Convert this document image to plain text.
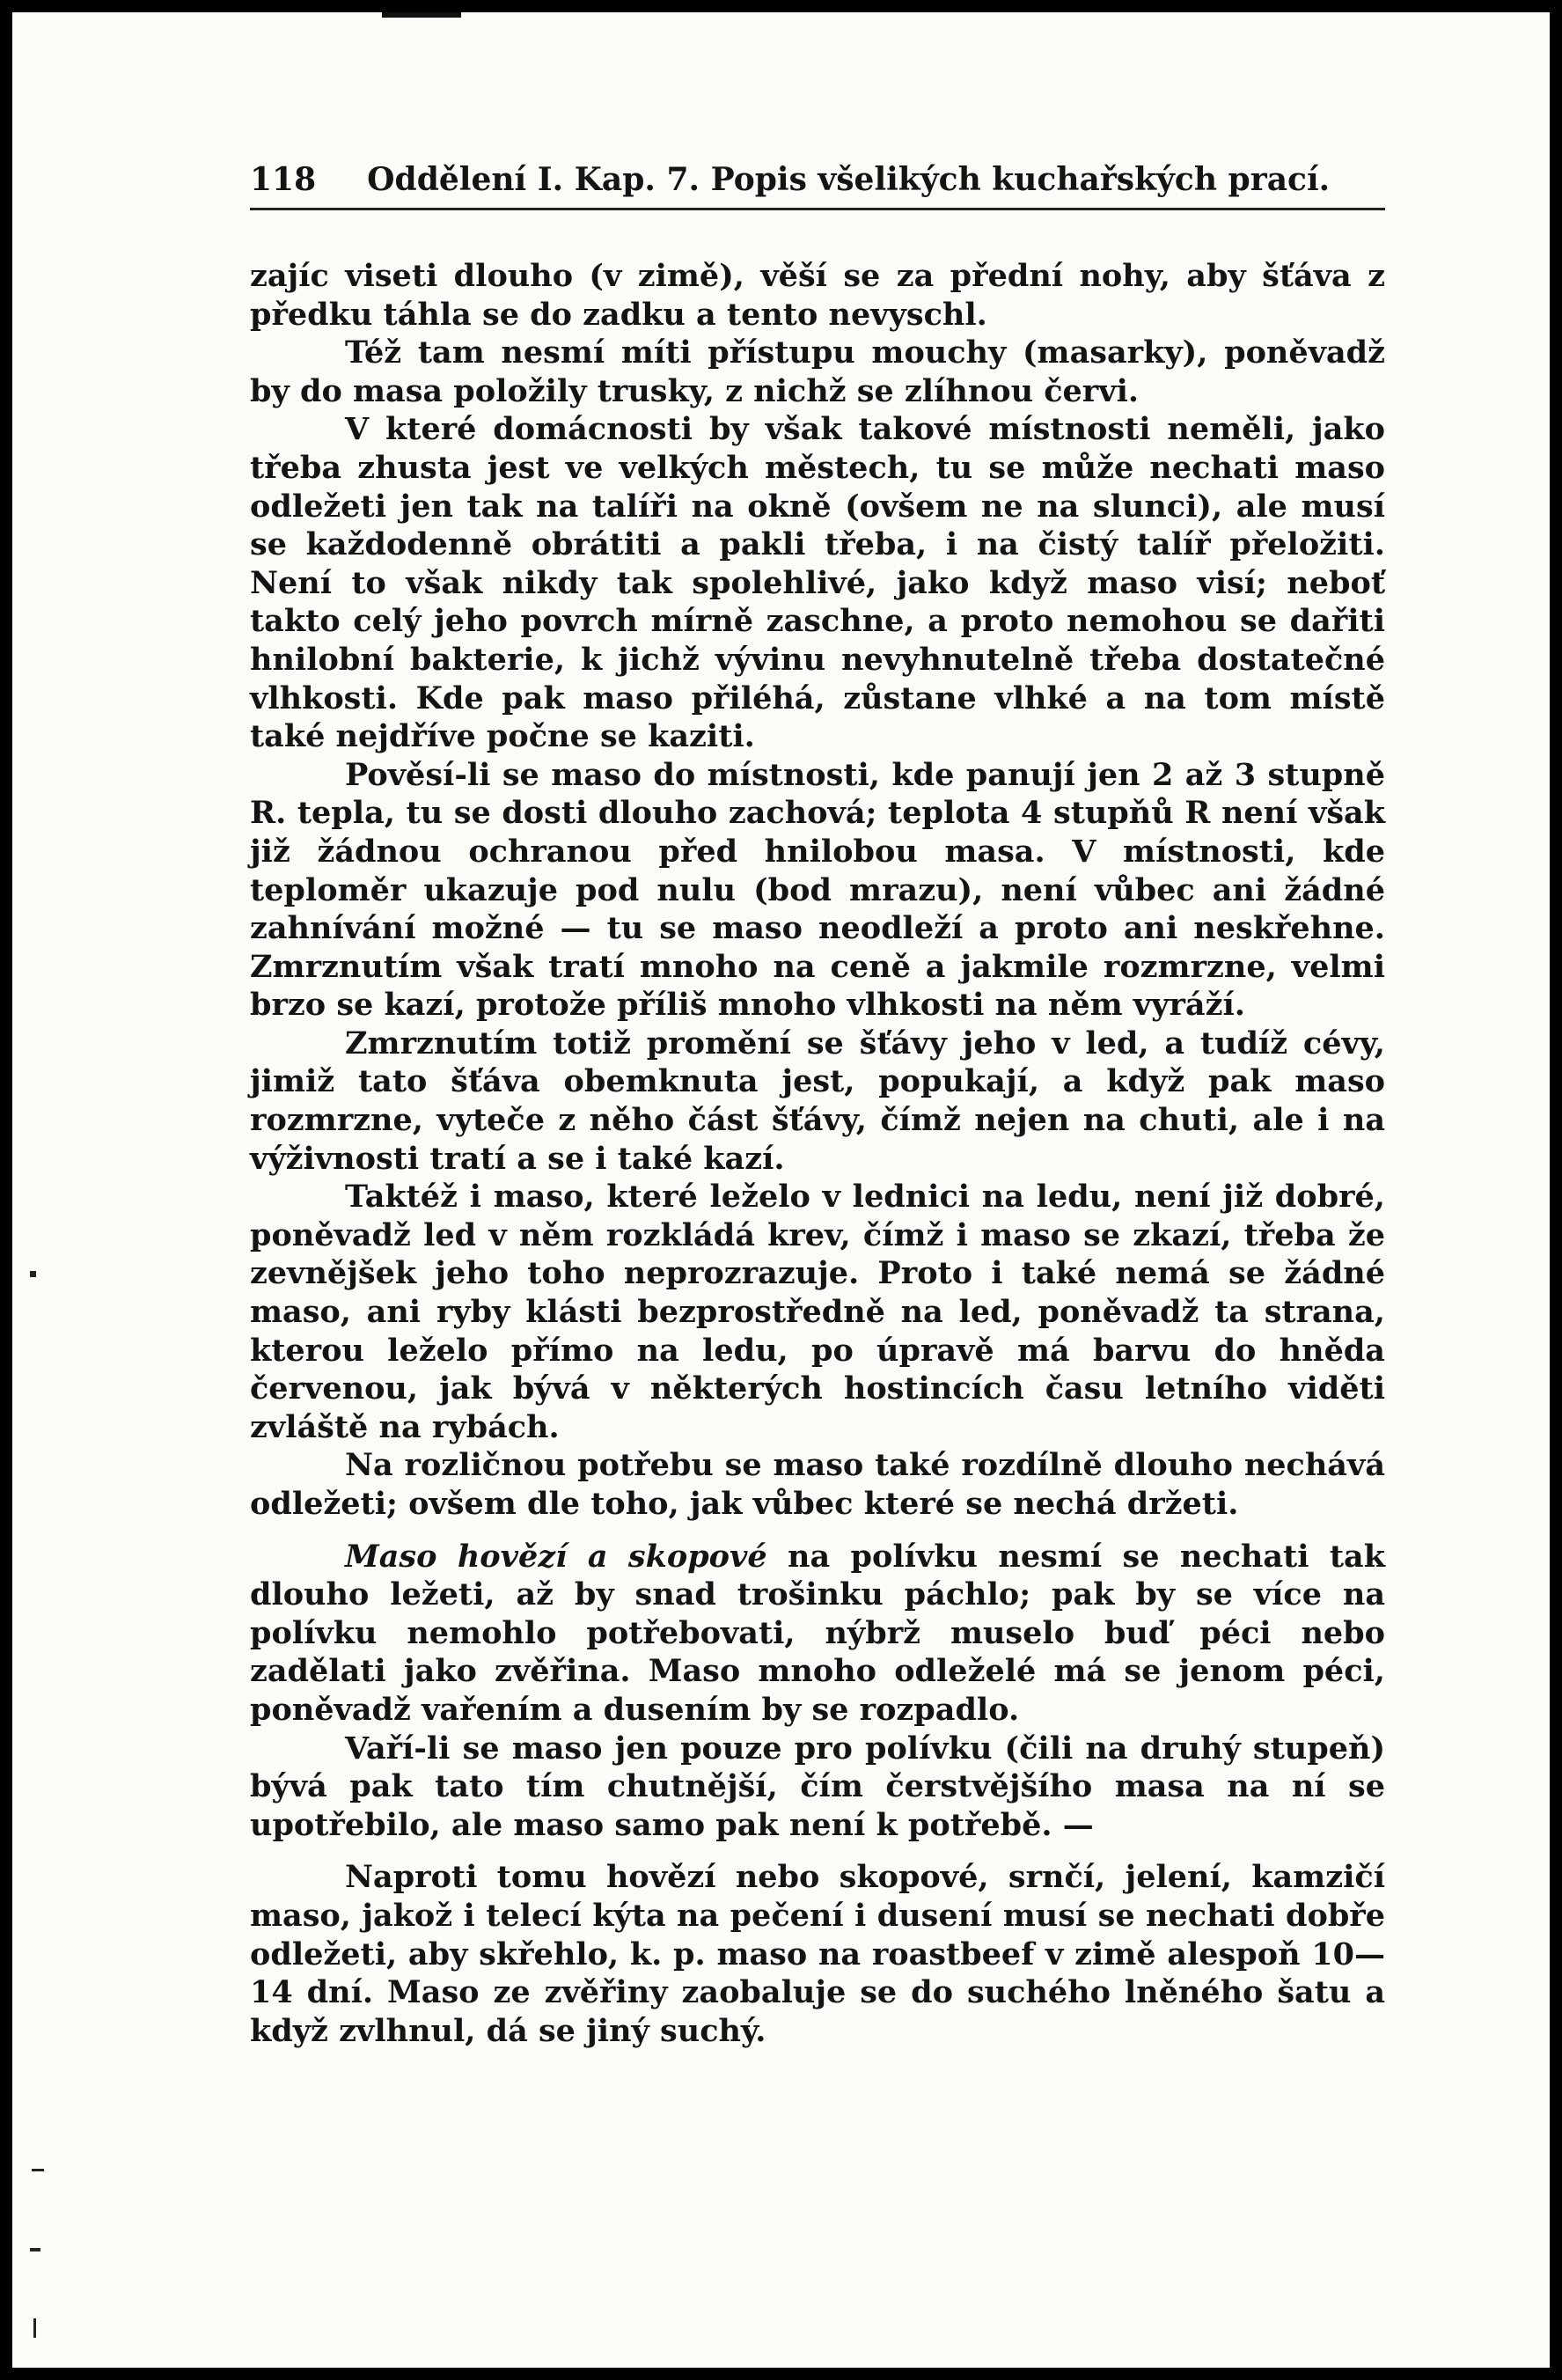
118 Oddělení I. Kap. 7. Popis všelikých kuchařských prací.

zajíc viseti dlouho (v zimě), věší se za přední nohy, aby šťáva z předku táhla se do zadku a tento nevyschl.

Též tam nesmí míti přístupu mouchy (masarky), poněvadž by do masa položily trusky, z nichž se zlíhnou červi.

V které domácnosti by však takové místnosti neměli, jako třeba zhusta jest ve velkých městech, tu se může nechati maso odležeti jen tak na talíři na okně (ovšem ne na slunci), ale musí se každodenně obrátiti a pakli třeba, i na čistý talíř přeložiti. Není to však nikdy tak spolehlivé, jako když maso visí; neboť takto celý jeho povrch mírně zaschne, a proto nemohou se dařiti hnilobní bakterie, k jichž vývinu nevyhnutelně třeba dostatečné vlhkosti. Kde pak maso přiléhá, zůstane vlhké a na tom místě také nejdříve počne se kaziti.

Pověsí-li se maso do místnosti, kde panují jen 2 až 3 stupně R. tepla, tu se dosti dlouho zachová; teplota 4 stupňů R není však již žádnou ochranou před hnilobou masa. V místnosti, kde teploměr ukazuje pod nulu (bod mrazu), není vůbec ani žádné zahnívání možné — tu se maso neodleží a proto ani neskřehne. Zmrznutím však tratí mnoho na ceně a jakmile rozmrzne, velmi brzo se kazí, protože příliš mnoho vlhkosti na něm vyráží.

Zmrznutím totiž promění se šťávy jeho v led, a tudíž cévy, jimiž tato šťáva obemknuta jest, popukají, a když pak maso rozmrzne, vyteče z něho část šťávy, čímž nejen na chuti, ale i na výživnosti tratí a se i také kazí.

Taktéž i maso, které leželo v lednici na ledu, není již dobré, poněvadž led v něm rozkládá krev, čímž i maso se zkazí, třeba že zevnějšek jeho toho neprozrazuje. Proto i také nemá se žádné maso, ani ryby klásti bezprostředně na led, poněvadž ta strana, kterou leželo přímo na ledu, po úpravě má barvu do hněda červenou, jak bývá v některých hostincích času letního viděti zvláště na rybách.

Na rozličnou potřebu se maso také rozdílně dlouho nechává odležeti; ovšem dle toho, jak vůbec které se nechá držeti.

Maso hovězí a skopové na polívku nesmí se nechati tak dlouho ležeti, až by snad trošinku páchlo; pak by se více na polívku nemohlo potřebovati, nýbrž muselo buď péci nebo zadělati jako zvěřina. Maso mnoho odleželé má se jenom péci, poněvadž vařením a dusením by se rozpadlo.

Vaří-li se maso jen pouze pro polívku (čili na druhý stupeň) bývá pak tato tím chutnější, čím čerstvějšího masa na ní se upotřebilo, ale maso samo pak není k potřebě. —

Naproti tomu hovězí nebo skopové, srnčí, jelení, kamzičí maso, jakož i telecí kýta na pečení i dusení musí se nechati dobře odležeti, aby skřehlo, k. p. maso na roastbeef v zimě alespoň 10—14 dní. Maso ze zvěřiny zaobaluje se do suchého lněného šatu a když zvlhnul, dá se jiný suchý.
